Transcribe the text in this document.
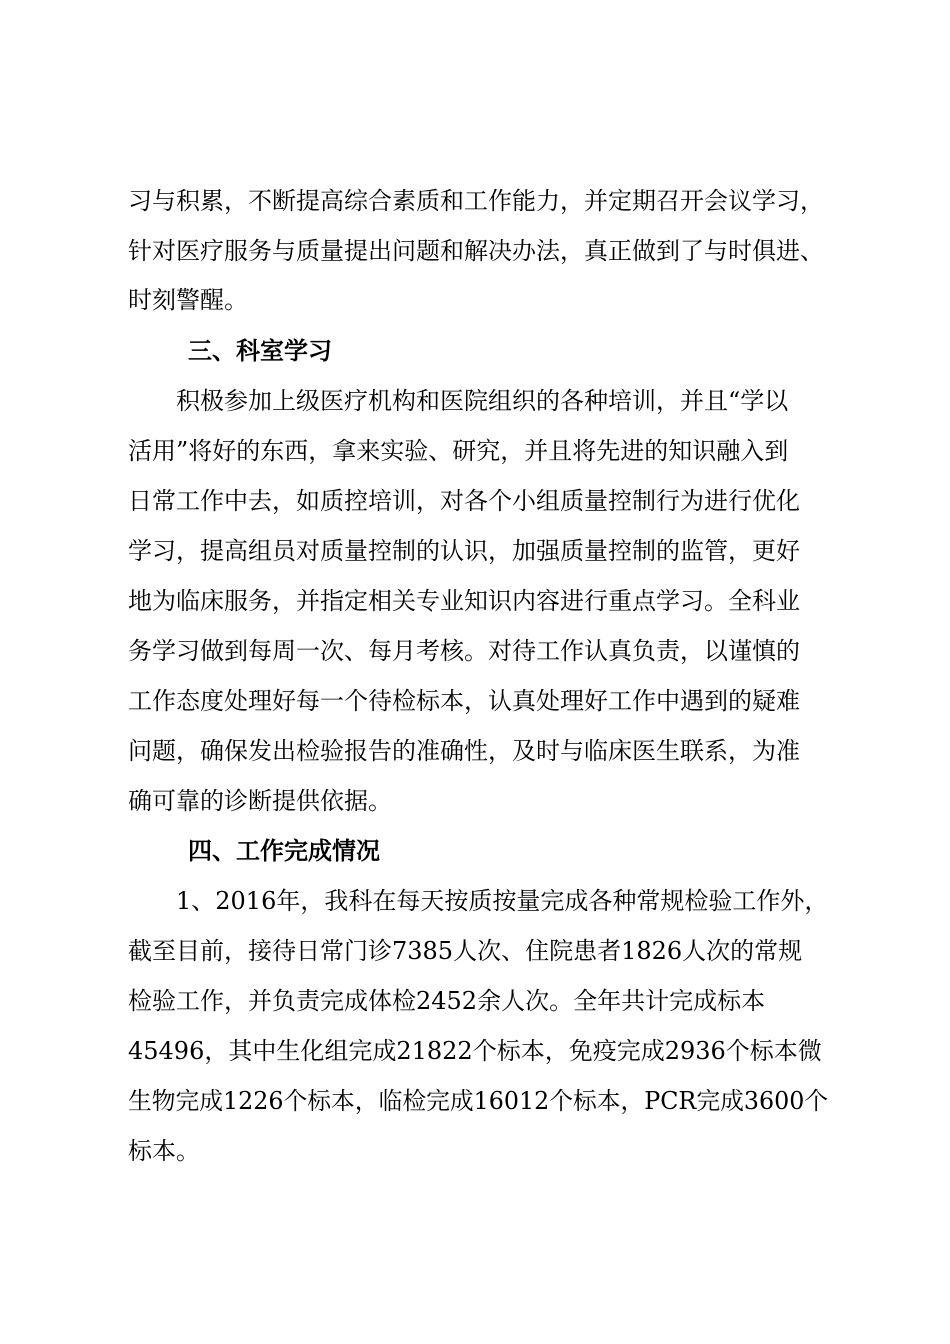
习与积累，不断提高综合素质和工作能力，并定期召开会议学习，
针对医疗服务与质量提出问题和解决办法，真正做到了与时俱进、
时刻警醒。
三、科室学习
积极参加上级医疗机构和医院组织的各种培训，并且“学以
活用”将好的东西，拿来实验、研究，并且将先进的知识融入到
日常工作中去，如质控培训，对各个小组质量控制行为进行优化
学习，提高组员对质量控制的认识，加强质量控制的监管，更好
地为临床服务，并指定相关专业知识内容进行重点学习。全科业
务学习做到每周一次、每月考核。对待工作认真负责，以谨慎的
工作态度处理好每一个待检标本，认真处理好工作中遇到的疑难
问题，确保发出检验报告的准确性，及时与临床医生联系，为准
确可靠的诊断提供依据。
四、工作完成情况
1、2016年，我科在每天按质按量完成各种常规检验工作外，
截至目前，接待日常门诊7385人次、住院患者1826人次的常规
检验工作，并负责完成体检2452余人次。全年共计完成标本
45496，其中生化组完成21822个标本，免疫完成2936个标本微
生物完成1226个标本，临检完成16012个标本，PCR完成3600个
标本。
